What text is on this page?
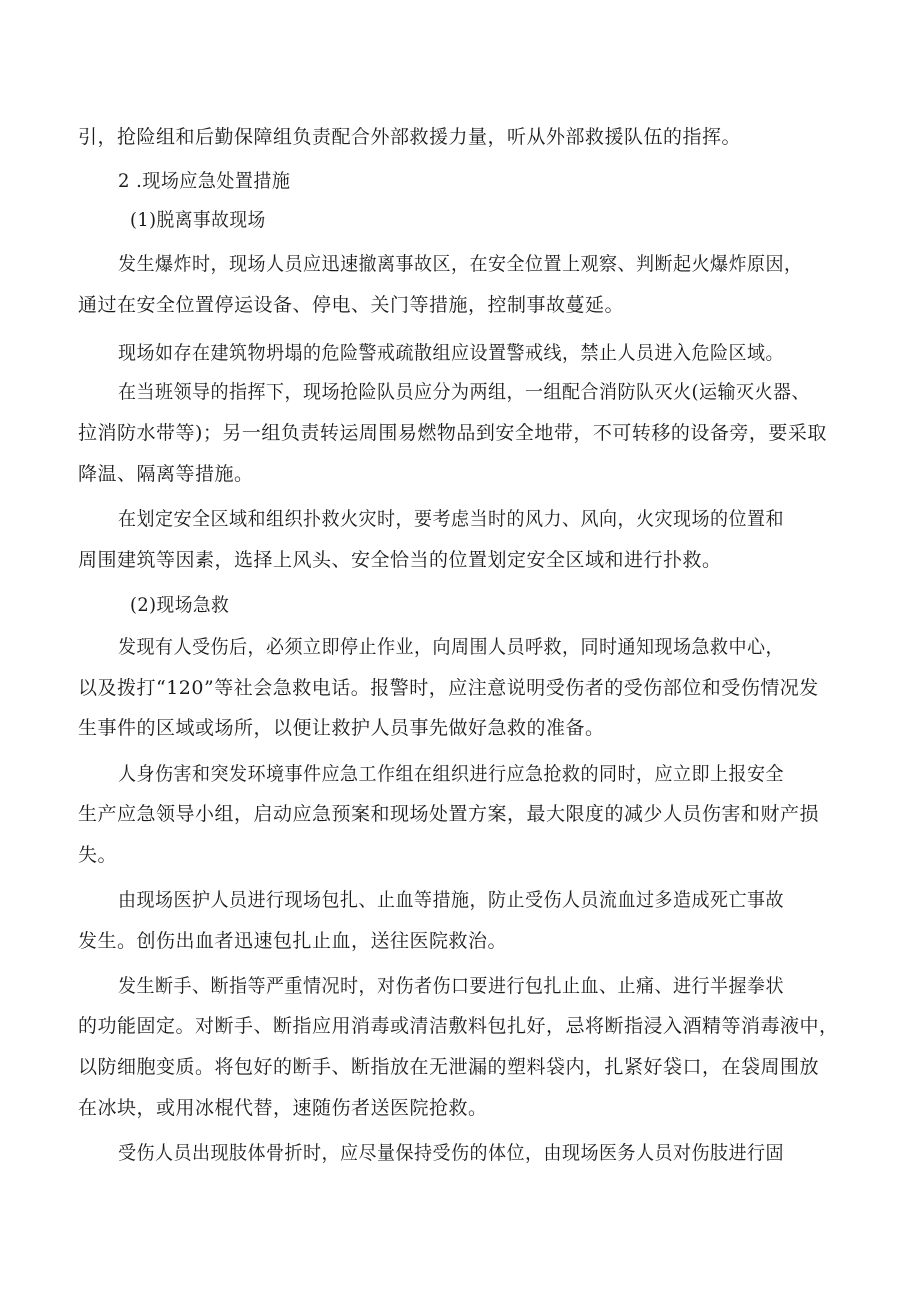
引，抢险组和后勤保障组负责配合外部救援力量，听从外部救援队伍的指挥。
2 .现场应急处置措施
(1)脱离事故现场
发生爆炸时，现场人员应迅速撤离事故区，在安全位置上观察、判断起火爆炸原因，
通过在安全位置停运设备、停电、关门等措施，控制事故蔓延。
现场如存在建筑物坍塌的危险警戒疏散组应设置警戒线，禁止人员进入危险区域。
在当班领导的指挥下，现场抢险队员应分为两组，一组配合消防队灭火(运输灭火器、
拉消防水带等)；另一组负责转运周围易燃物品到安全地带，不可转移的设备旁，要采取
降温、隔离等措施。
在划定安全区域和组织扑救火灾时，要考虑当时的风力、风向，火灾现场的位置和
周围建筑等因素，选择上风头、安全恰当的位置划定安全区域和进行扑救。
(2)现场急救
发现有人受伤后，必须立即停止作业，向周围人员呼救，同时通知现场急救中心，
以及拨打“120”等社会急救电话。报警时，应注意说明受伤者的受伤部位和受伤情况发
生事件的区域或场所，以便让救护人员事先做好急救的准备。
人身伤害和突发环境事件应急工作组在组织进行应急抢救的同时，应立即上报安全
生产应急领导小组，启动应急预案和现场处置方案，最大限度的减少人员伤害和财产损
失。
由现场医护人员进行现场包扎、止血等措施，防止受伤人员流血过多造成死亡事故
发生。创伤出血者迅速包扎止血，送往医院救治。
发生断手、断指等严重情况时，对伤者伤口要进行包扎止血、止痛、进行半握拳状
的功能固定。对断手、断指应用消毒或清洁敷料包扎好，忌将断指浸入酒精等消毒液中，
以防细胞变质。将包好的断手、断指放在无泄漏的塑料袋内，扎紧好袋口，在袋周围放
在冰块，或用冰棍代替，速随伤者送医院抢救。
受伤人员出现肢体骨折时，应尽量保持受伤的体位，由现场医务人员对伤肢进行固
